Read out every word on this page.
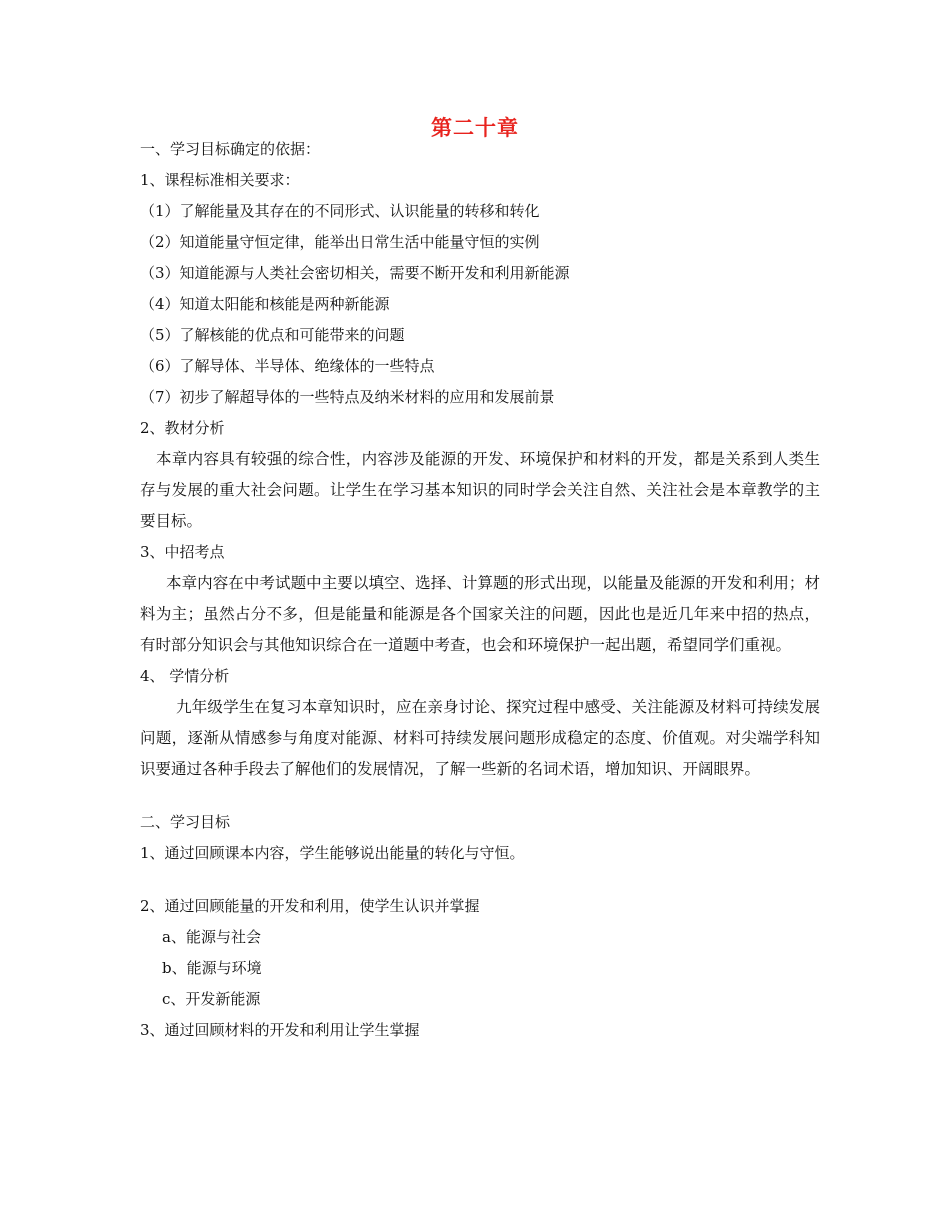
第二十章

一、学习目标确定的依据：

1、课程标准相关要求：

（1）了解能量及其存在的不同形式、认识能量的转移和转化

（2）知道能量守恒定律，能举出日常生活中能量守恒的实例

（3）知道能源与人类社会密切相关，需要不断开发和利用新能源

（4）知道太阳能和核能是两种新能源

（5）了解核能的优点和可能带来的问题

（6）了解导体、半导体、绝缘体的一些特点

（7）初步了解超导体的一些特点及纳米材料的应用和发展前景

2、教材分析

本章内容具有较强的综合性，内容涉及能源的开发、环境保护和材料的开发，都是关系到人类生存与发展的重大社会问题。让学生在学习基本知识的同时学会关注自然、关注社会是本章教学的主要目标。

3、中招考点

本章内容在中考试题中主要以填空、选择、计算题的形式出现，以能量及能源的开发和利用；材料为主；虽然占分不多，但是能量和能源是各个国家关注的问题，因此也是近几年来中招的热点，有时部分知识会与其他知识综合在一道题中考查，也会和环境保护一起出题，希望同学们重视。

4、 学情分析

九年级学生在复习本章知识时，应在亲身讨论、探究过程中感受、关注能源及材料可持续发展问题，逐渐从情感参与角度对能源、材料可持续发展问题形成稳定的态度、价值观。对尖端学科知识要通过各种手段去了解他们的发展情况，了解一些新的名词术语，增加知识、开阔眼界。

二、学习目标

1、通过回顾课本内容，学生能够说出能量的转化与守恒。

2、通过回顾能量的开发和利用，使学生认识并掌握

a、能源与社会

b、能源与环境

c、开发新能源

3、通过回顾材料的开发和利用让学生掌握
